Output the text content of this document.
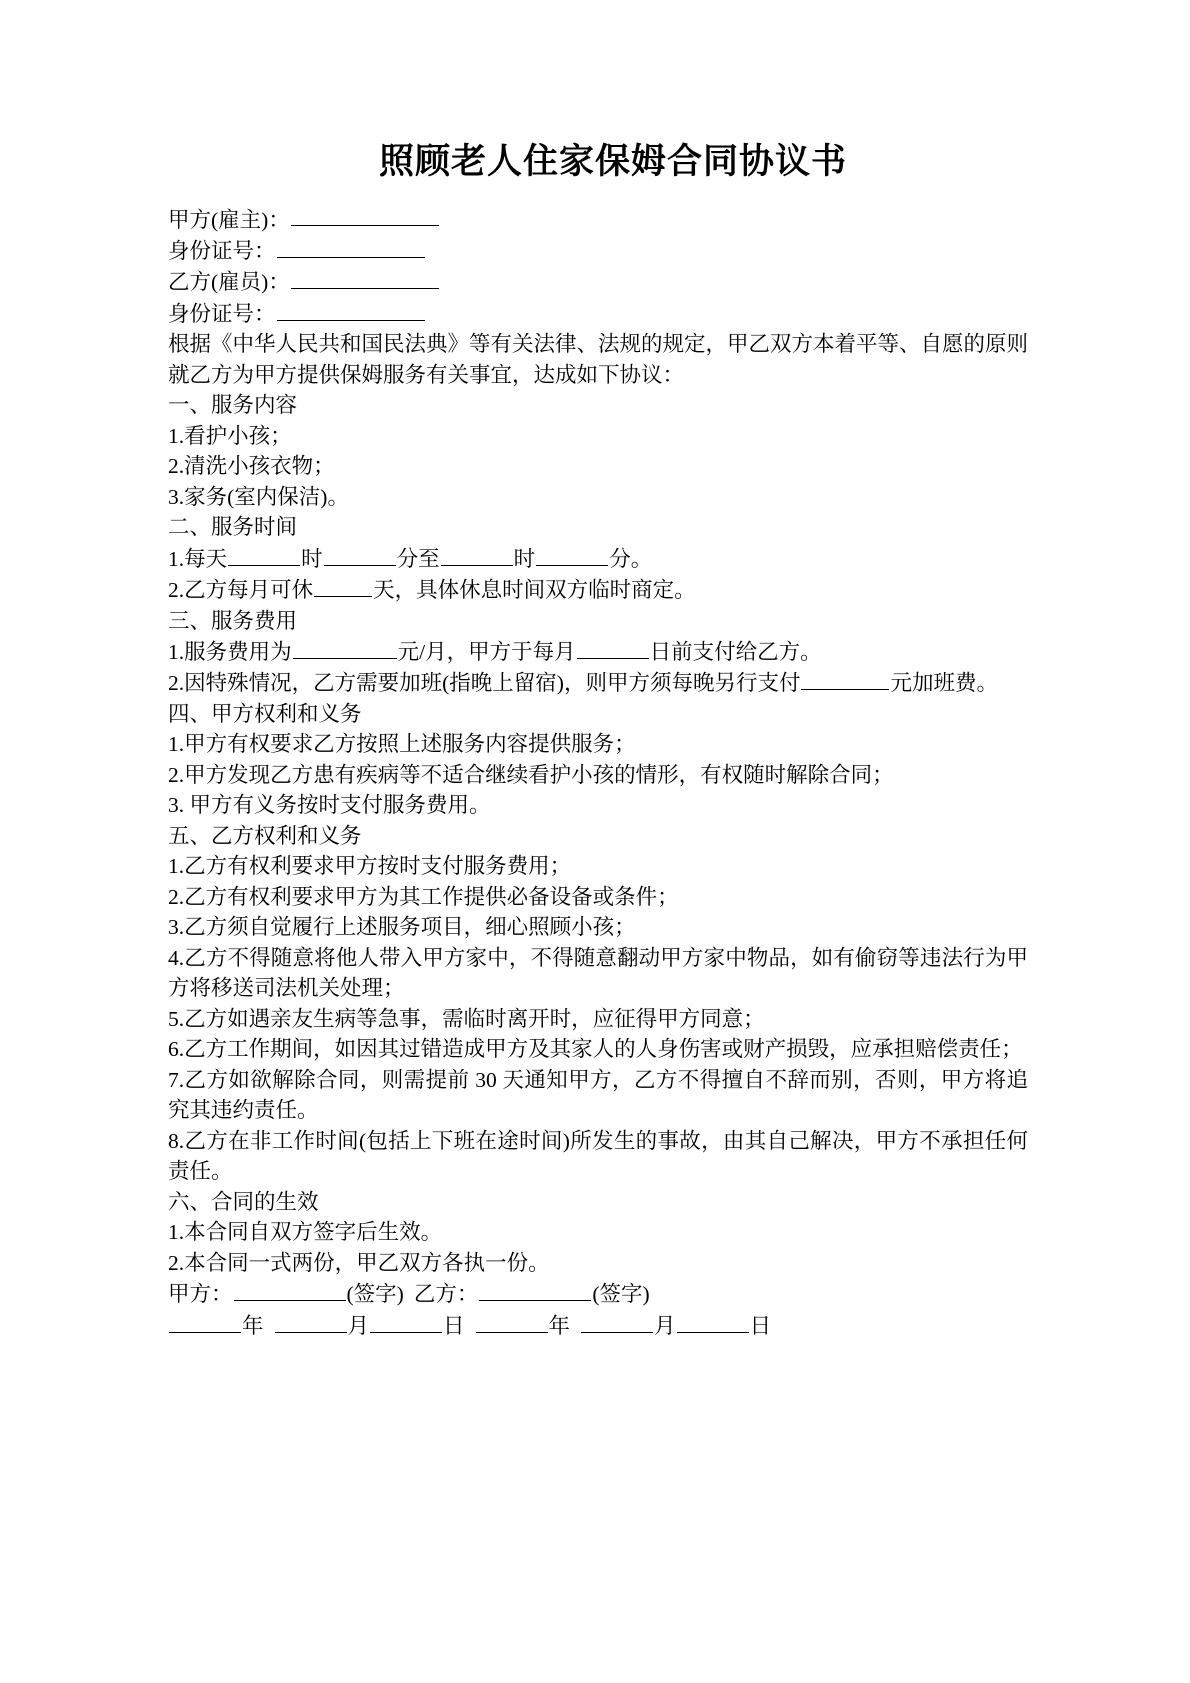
照顾老人住家保姆合同协议书

甲方(雇主)：

身份证号：

乙方(雇员)：

身份证号：

根据《中华人民共和国民法典》等有关法律、法规的规定，甲乙双方本着平等、自愿的原则就乙方为甲方提供保姆服务有关事宜，达成如下协议：

一、服务内容

1.看护小孩；

2.清洗小孩衣物；

3.家务(室内保洁)。

二、服务时间

1.每天	时	分至	时	分。

2.乙方每月可休	天，具体休息时间双方临时商定。

三、服务费用

1.服务费用为	元/月，甲方于每月	日前支付给乙方。

2.因特殊情况，乙方需要加班(指晚上留宿)，则甲方须每晚另行支付	元加班费。

四、甲方权利和义务

1.甲方有权要求乙方按照上述服务内容提供服务；

2.甲方发现乙方患有疾病等不适合继续看护小孩的情形，有权随时解除合同；

3. 甲方有义务按时支付服务费用。

五、乙方权利和义务

1.乙方有权利要求甲方按时支付服务费用；

2.乙方有权利要求甲方为其工作提供必备设备或条件；

3.乙方须自觉履行上述服务项目，细心照顾小孩；

4.乙方不得随意将他人带入甲方家中，不得随意翻动甲方家中物品，如有偷窃等违法行为甲方将移送司法机关处理；

5.乙方如遇亲友生病等急事，需临时离开时，应征得甲方同意；

6.乙方工作期间，如因其过错造成甲方及其家人的人身伤害或财产损毁，应承担赔偿责任；

7.乙方如欲解除合同，则需提前 30 天通知甲方，乙方不得擅自不辞而别，否则，甲方将追究其违约责任。

8.乙方在非工作时间(包括上下班在途时间)所发生的事故，由其自己解决，甲方不承担任何责任。

六、合同的生效

1.本合同自双方签字后生效。

2.本合同一式两份，甲乙双方各执一份。

甲方：	(签字) 乙方：	(签字)

年	月	日	年	月	日
